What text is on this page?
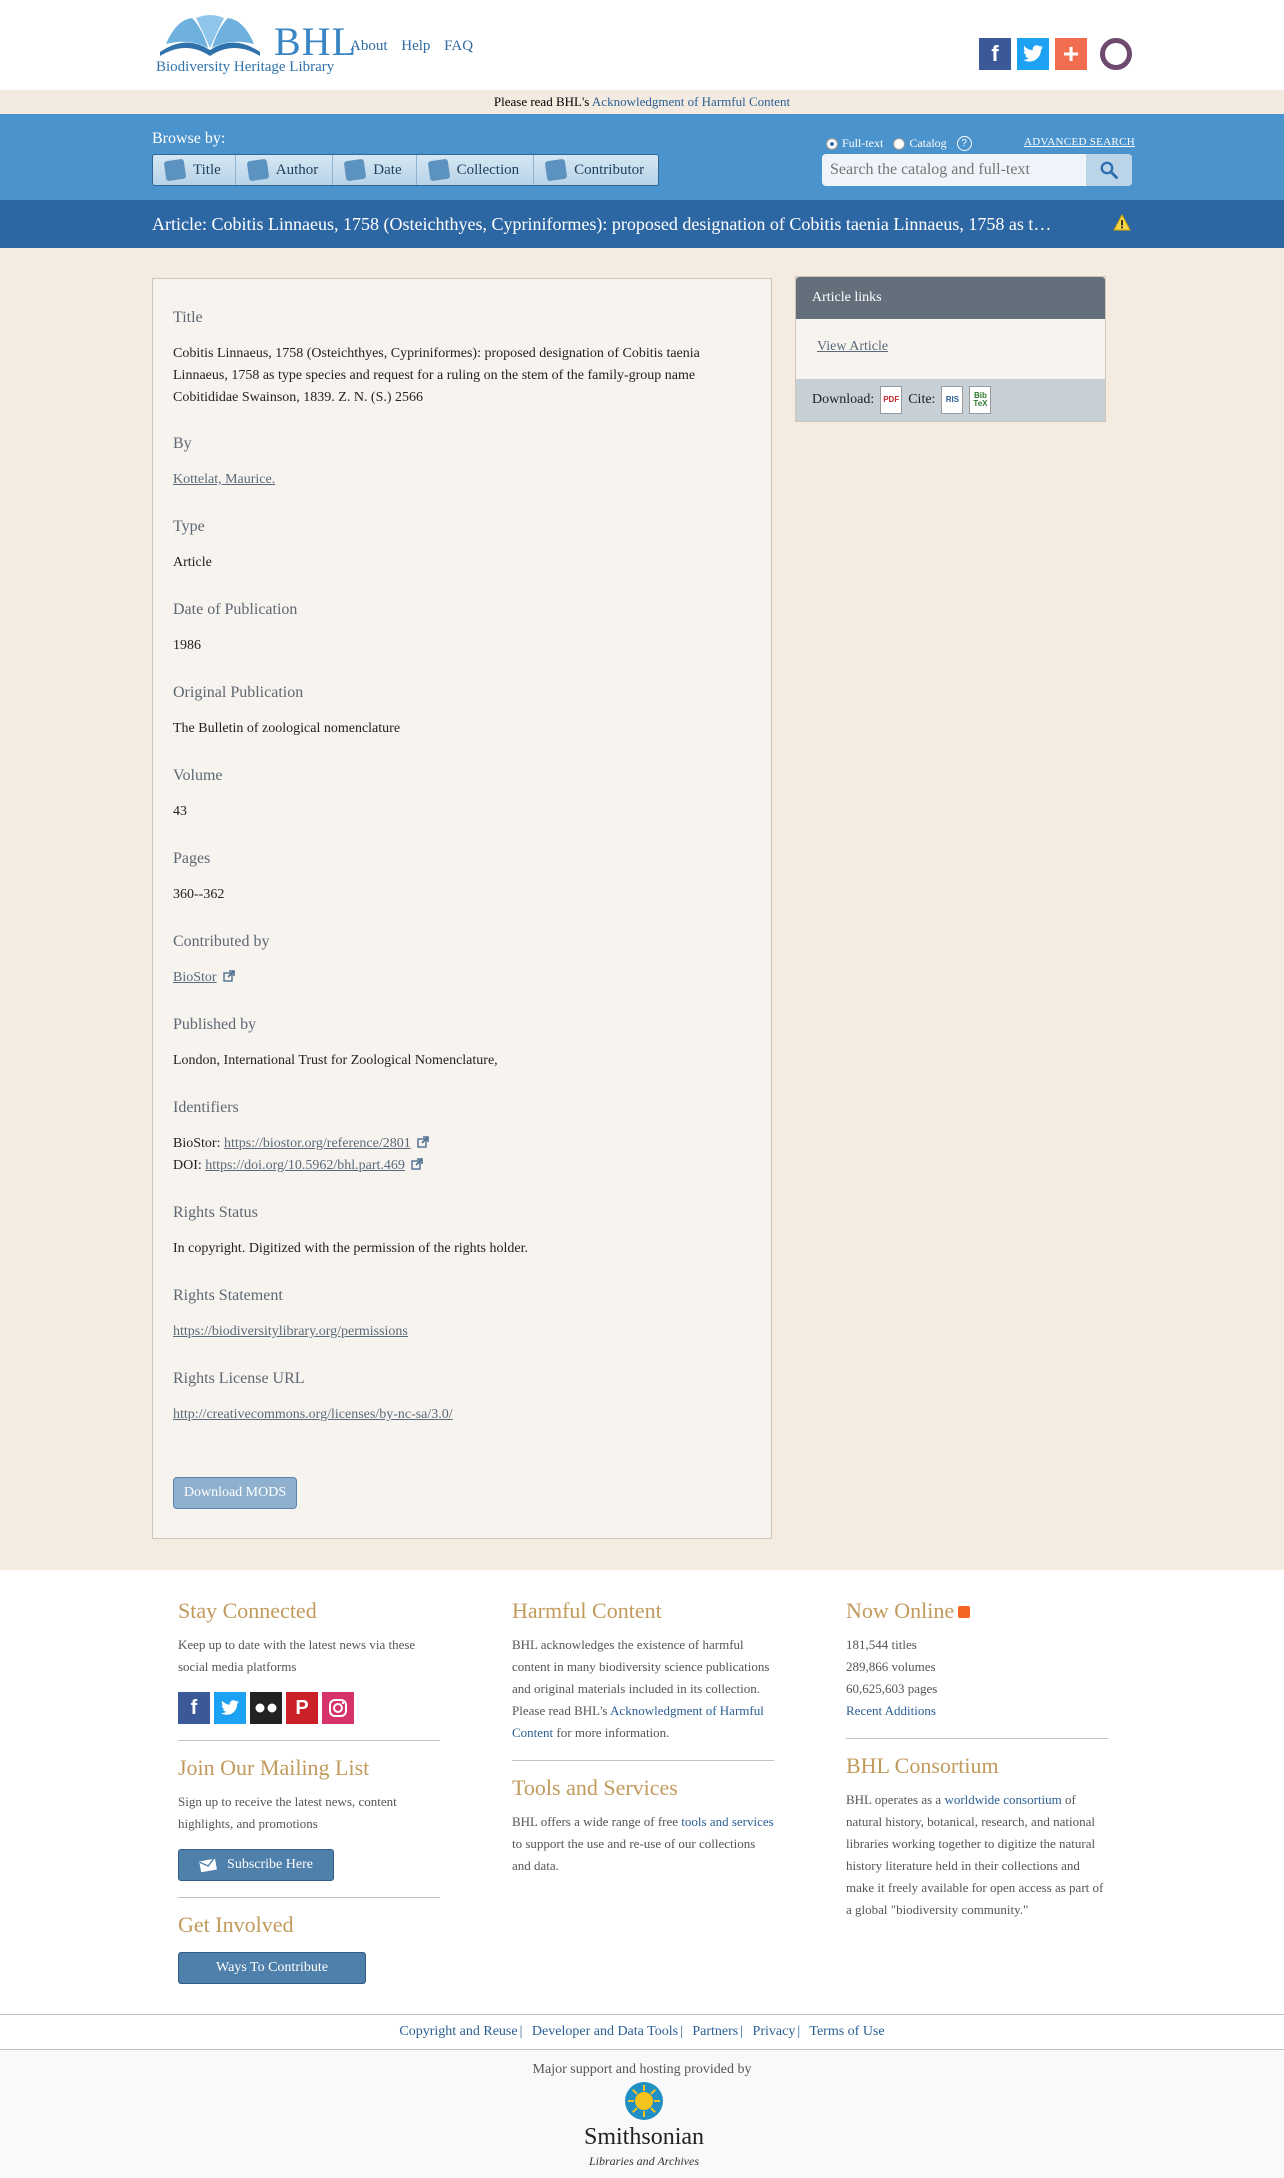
BHL
Biodiversity Heritage Library
About Help FAQ	f	+
Please read BHL's Acknowledgment of Harmful Content
Browse by:
Title	Author	Date	Collection	Contributor
Full-text Catalog	?	ADVANCED SEARCH
Search the catalog and full-text
Article: Cobitis Linnaeus, 1758 (Osteichthyes, Cypriniformes): proposed designation of Cobitis taenia Linnaeus, 1758 as t…
Title
Cobitis Linnaeus, 1758 (Osteichthyes, Cypriniformes): proposed designation of Cobitis taenia Linnaeus, 1758 as type species and request for a ruling on the stem of the family-group name Cobitididae Swainson, 1839. Z. N. (S.) 2566
By
Kottelat, Maurice.
Type
Article
Date of Publication
1986
Original Publication
The Bulletin of zoological nomenclature
Volume
43
Pages
360--362
Contributed by
BioStor
Published by
London, International Trust for Zoological Nomenclature,
Identifiers
BioStor: https://biostor.org/reference/2801
DOI: https://doi.org/10.5962/bhl.part.469
Rights Status
In copyright. Digitized with the permission of the rights holder.
Rights Statement
https://biodiversitylibrary.org/permissions
Rights License URL
http://creativecommons.org/licenses/by-nc-sa/3.0/
Download MODS
Article links
View Article
Download:	PDF Cite:	RIS	Bib TeX
Stay Connected
Keep up to date with the latest news via these social media platforms
f	P
Join Our Mailing List
Sign up to receive the latest news, content highlights, and promotions
Subscribe Here
Get Involved
Ways To Contribute
Harmful Content
BHL acknowledges the existence of harmful content in many biodiversity science publications and original materials included in its collection. Please read BHL's Acknowledgment of Harmful Content for more information.
Tools and Services
BHL offers a wide range of free tools and services to support the use and re-use of our collections and data.
Now Online
181,544 titles
289,866 volumes
60,625,603 pages
Recent Additions
BHL Consortium
BHL operates as a worldwide consortium of natural history, botanical, research, and national libraries working together to digitize the natural history literature held in their collections and make it freely available for open access as part of a global "biodiversity community."
Copyright and Reuse | Developer and Data Tools | Partners | Privacy | Terms of Use
Major support and hosting provided by
Smithsonian
Libraries and Archives
